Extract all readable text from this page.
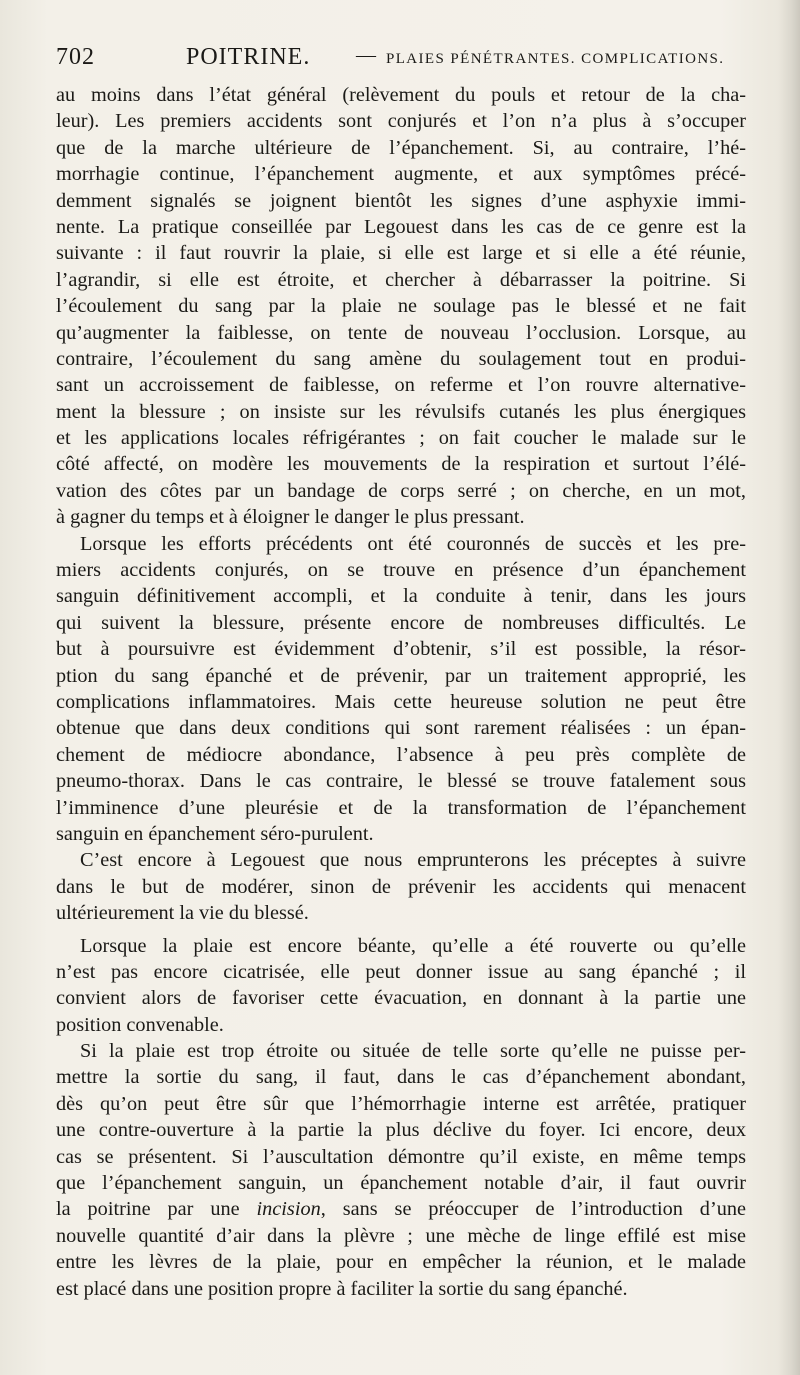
702	POITRINE. — PLAIES PÉNÉTRANTES. COMPLICATIONS.
au moins dans l’état général (relèvement du pouls et retour de la cha-
leur). Les premiers accidents sont conjurés et l’on n’a plus à s’occuper
que de la marche ultérieure de l’épanchement. Si, au contraire, l’hé-
morrhagie continue, l’épanchement augmente, et aux symptômes précé-
demment signalés se joignent bientôt les signes d’une asphyxie immi-
nente. La pratique conseillée par Legouest dans les cas de ce genre est la
suivante : il faut rouvrir la plaie, si elle est large et si elle a été réunie,
l’agrandir, si elle est étroite, et chercher à débarrasser la poitrine. Si
l’écoulement du sang par la plaie ne soulage pas le blessé et ne fait
qu’augmenter la faiblesse, on tente de nouveau l’occlusion. Lorsque, au
contraire, l’écoulement du sang amène du soulagement tout en produi-
sant un accroissement de faiblesse, on referme et l’on rouvre alternative-
ment la blessure ; on insiste sur les révulsifs cutanés les plus énergiques
et les applications locales réfrigérantes ; on fait coucher le malade sur le
côté affecté, on modère les mouvements de la respiration et surtout l’élé-
vation des côtes par un bandage de corps serré ; on cherche, en un mot,
à gagner du temps et à éloigner le danger le plus pressant.
Lorsque les efforts précédents ont été couronnés de succès et les pre-
miers accidents conjurés, on se trouve en présence d’un épanchement
sanguin définitivement accompli, et la conduite à tenir, dans les jours
qui suivent la blessure, présente encore de nombreuses difficultés. Le
but à poursuivre est évidemment d’obtenir, s’il est possible, la résor-
ption du sang épanché et de prévenir, par un traitement approprié, les
complications inflammatoires. Mais cette heureuse solution ne peut être
obtenue que dans deux conditions qui sont rarement réalisées : un épan-
chement de médiocre abondance, l’absence à peu près complète de
pneumo-thorax. Dans le cas contraire, le blessé se trouve fatalement sous
l’imminence d’une pleurésie et de la transformation de l’épanchement
sanguin en épanchement séro-purulent.
C’est encore à Legouest que nous emprunterons les préceptes à suivre
dans le but de modérer, sinon de prévenir les accidents qui menacent
ultérieurement la vie du blessé.
Lorsque la plaie est encore béante, qu’elle a été rouverte ou qu’elle
n’est pas encore cicatrisée, elle peut donner issue au sang épanché ; il
convient alors de favoriser cette évacuation, en donnant à la partie une
position convenable.
Si la plaie est trop étroite ou située de telle sorte qu’elle ne puisse per-
mettre la sortie du sang, il faut, dans le cas d’épanchement abondant,
dès qu’on peut être sûr que l’hémorrhagie interne est arrêtée, pratiquer
une contre-ouverture à la partie la plus déclive du foyer. Ici encore, deux
cas se présentent. Si l’auscultation démontre qu’il existe, en même temps
que l’épanchement sanguin, un épanchement notable d’air, il faut ouvrir
la poitrine par une incision, sans se préoccuper de l’introduction d’une
nouvelle quantité d’air dans la plèvre ; une mèche de linge effilé est mise
entre les lèvres de la plaie, pour en empêcher la réunion, et le malade
est placé dans une position propre à faciliter la sortie du sang épanché.
